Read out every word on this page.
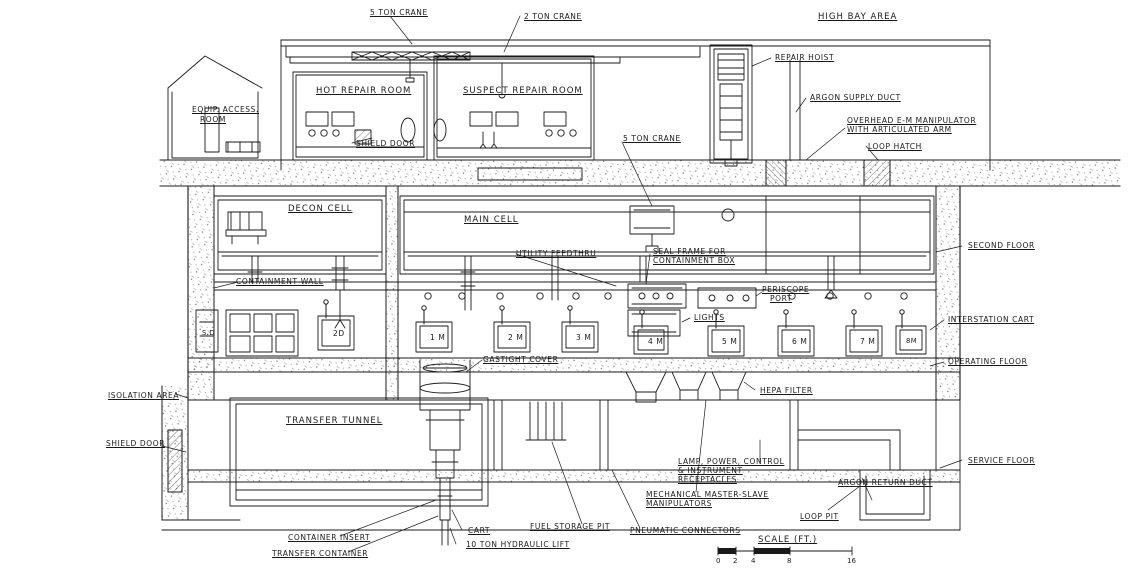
5 TON CRANE	2 TON CRANE	HIGH BAY AREA
REPAIR HOIST
ARGON SUPPLY DUCT
OVERHEAD E-M MANIPULATOR
WITH ARTICULATED ARM
LOOP HATCH
EQUIP. ACCESS.
ROOM
HOT REPAIR ROOM	SUSPECT REPAIR ROOM
SHIELD DOOR
5 TON CRANE
DECON CELL
MAIN CELL
SECOND FLOOR
UTILITY FEEDTHRU	SEAL FRAME FOR
CONTAINMENT BOX
PERISCOPE
PORT
CONTAINMENT WALL
INTERSTATION CART
OPERATING FLOOR
LIGHTS
GASTIGHT COVER
ISOLATION AREA
TRANSFER TUNNEL
HEPA FILTER
SHIELD DOOR
LAMP, POWER, CONTROL
& INSTRUMENT
RECEPTACLES
SERVICE FLOOR
ARGON RETURN DUCT
LOOP PIT
MECHANICAL MASTER-SLAVE
MANIPULATORS
PNEUMATIC CONNECTORS
FUEL STORAGE PIT
CART
10 TON HYDRAULIC LIFT
CONTAINER INSERT
TRANSFER CONTAINER
S.D	2D	1 M	2 M	3 M	4 M	5 M	6 M	7 M	8M
SCALE (FT.)
0 2 4	8	16
